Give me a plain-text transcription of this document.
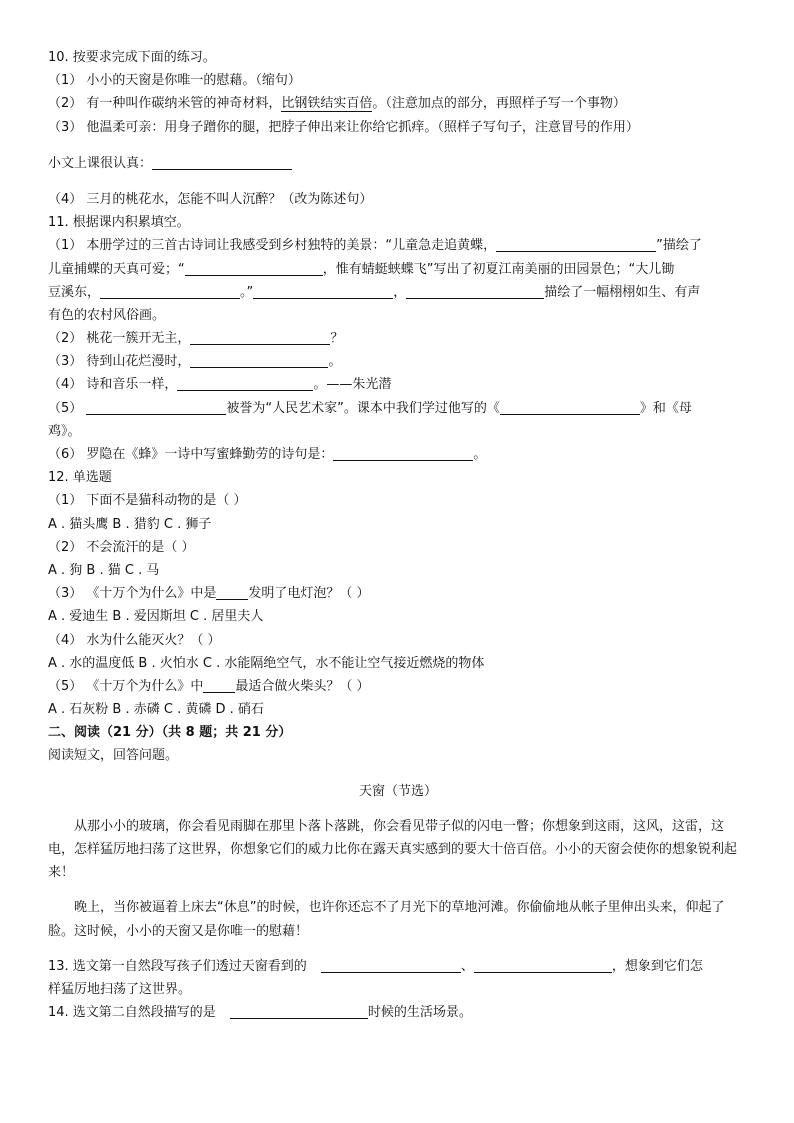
10. 按要求完成下面的练习。
（1） 小小的天窗是你唯一的慰藉。（缩句）
（2） 有一种叫作碳纳米管的神奇材料，比钢铁结实百倍。（注意加点的部分，再照样子写一个事物）
（3） 他温柔可亲：用身子蹭你的腿，把脖子伸出来让你给它抓痒。（照样子写句子，注意冒号的作用）
小文上课很认真：
（4） 三月的桃花水，怎能不叫人沉醉？（改为陈述句）
11. 根据课内积累填空。
（1） 本册学过的三首古诗词让我感受到乡村独特的美景：“儿童急走追黄蝶，	”描绘了
儿童捕蝶的天真可爱；“	，惟有蜻蜓蛱蝶飞”写出了初夏江南美丽的田园景色；“大儿锄
豆溪东，	。”	，	描绘了一幅栩栩如生、有声
有色的农村风俗画。
（2） 桃花一簇开无主，	？
（3） 待到山花烂漫时，	。
（4） 诗和音乐一样，	。——朱光潜
（5）	被誉为“人民艺术家”。课本中我们学过他写的《	》和《母
鸡》。
（6） 罗隐在《蜂》一诗中写蜜蜂勤劳的诗句是：	。
12. 单选题
（1） 下面不是猫科动物的是（ ）
A . 猫头鹰 B . 猎豹 C . 狮子
（2） 不会流汗的是（ ）
A . 狗 B . 猫 C . 马
（3） 《十万个为什么》中是 发明了电灯泡？（ ）
A . 爱迪生 B . 爱因斯坦 C . 居里夫人
（4） 水为什么能灭火？（ ）
A . 水的温度低 B . 火怕水 C . 水能隔绝空气，水不能让空气接近燃烧的物体
（5） 《十万个为什么》中 最适合做火柴头？（ ）
A . 石灰粉 B . 赤磷 C . 黄磷 D . 硝石
二、阅读（21 分）（共 8 题；共 21 分）
阅读短文，回答问题。
天窗（节选）
从那小小的玻璃，你会看见雨脚在那里卜落卜落跳，你会看见带子似的闪电一瞥；你想象到这雨，这风，这雷，这电，怎样猛厉地扫荡了这世界，你想象它们的威力比你在露天真实感到的要大十倍百倍。小小的天窗会使你的想象锐利起来！
晚上，当你被逼着上床去“休息”的时候，也许你还忘不了月光下的草地河滩。你偷偷地从帐子里伸出头来，仰起了脸。这时候，小小的天窗又是你唯一的慰藉！
13. 选文第一自然段写孩子们透过天窗看到的	、	，想象到它们怎
样猛厉地扫荡了这世界。
14. 选文第二自然段描写的是	时候的生活场景。
